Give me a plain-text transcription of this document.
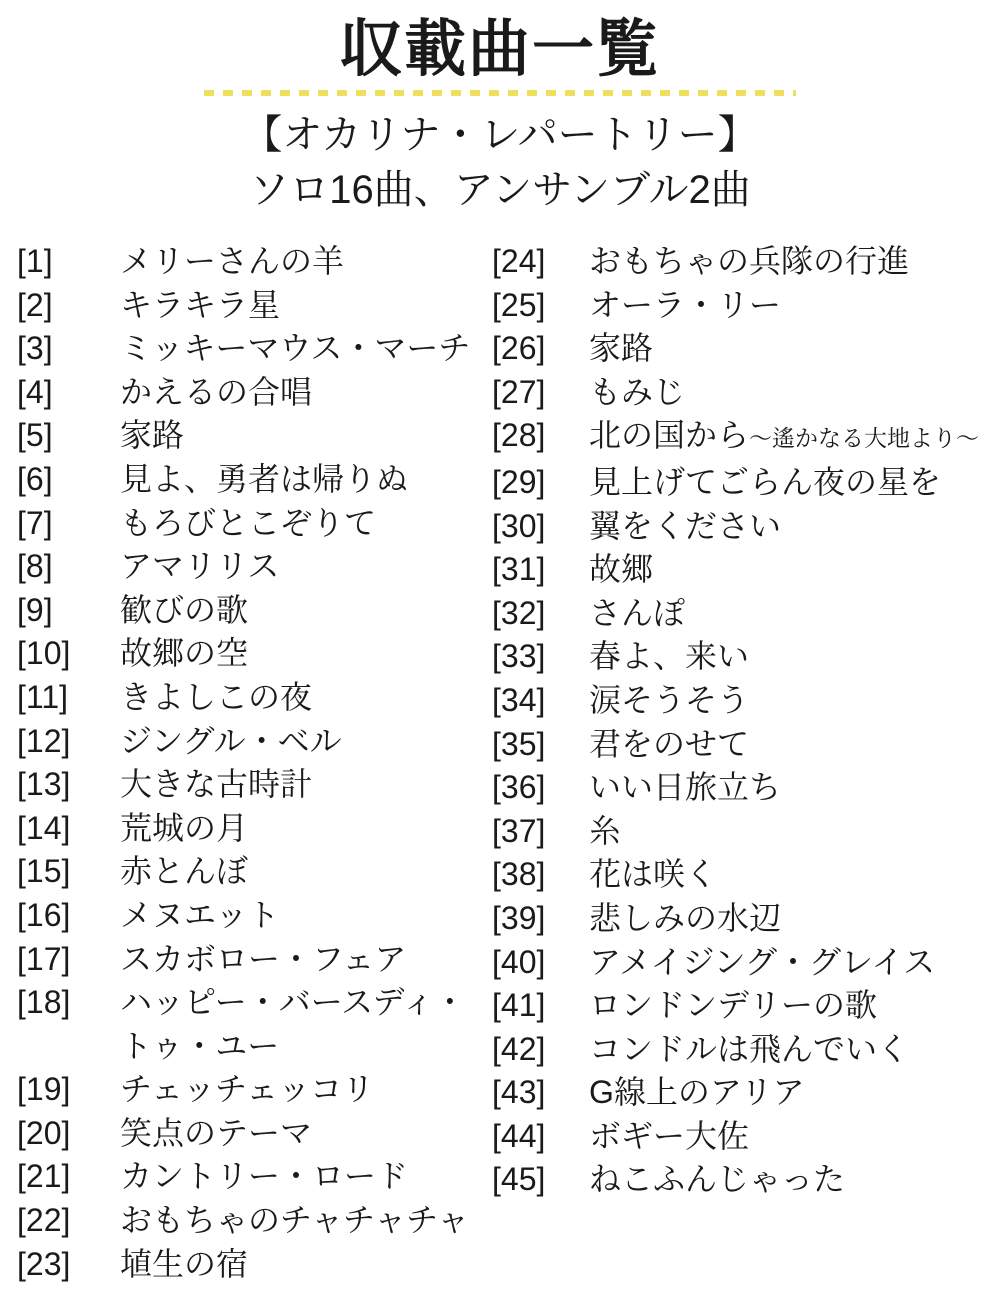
収載曲一覧
【オカリナ・レパートリー】
ソロ16曲、アンサンブル2曲
[1]	メリーさんの羊
[2]	キラキラ星
[3]	ミッキーマウス・マーチ
[4]	かえるの合唱
[5]	家路
[6]	見よ、勇者は帰りぬ
[7]	もろびとこぞりて
[8]	アマリリス
[9]	歓びの歌
[10]	故郷の空
[11]	きよしこの夜
[12]	ジングル・ベル
[13]	大きな古時計
[14]	荒城の月
[15]	赤とんぼ
[16]	メヌエット
[17]	スカボロー・フェア
[18]	ハッピー・バースディ・
トゥ・ユー
[19]	チェッチェッコリ
[20]	笑点のテーマ
[21]	カントリー・ロード
[22]	おもちゃのチャチャチャ
[23]	埴生の宿
[24]	おもちゃの兵隊の行進
[25]	オーラ・リー
[26]	家路
[27]	もみじ
[28]	北の国から〜遙かなる大地より〜
[29]	見上げてごらん夜の星を
[30]	翼をください
[31]	故郷
[32]	さんぽ
[33]	春よ、来い
[34]	涙そうそう
[35]	君をのせて
[36]	いい日旅立ち
[37]	糸
[38]	花は咲く
[39]	悲しみの水辺
[40]	アメイジング・グレイス
[41]	ロンドンデリーの歌
[42]	コンドルは飛んでいく
[43]	G線上のアリア
[44]	ボギー大佐
[45]	ねこふんじゃった
